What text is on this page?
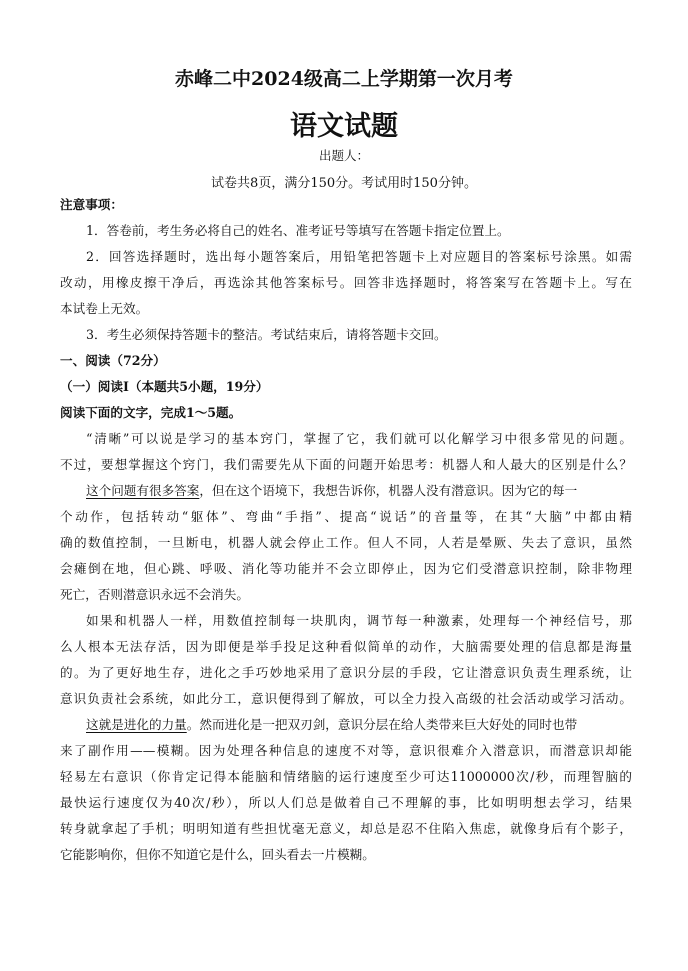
赤峰二中2024级高二上学期第一次月考
语文试题
出题人：
试卷共8页，满分150分。考试用时150分钟。
注意事项：
1．答卷前，考生务必将自己的姓名、准考证号等填写在答题卡指定位置上。
2．回答选择题时，选出每小题答案后，用铅笔把答题卡上对应题目的答案标号涂黑。如需
改动，用橡皮擦干净后，再选涂其他答案标号。回答非选择题时，将答案写在答题卡上。写在
本试卷上无效。
3．考生必须保持答题卡的整洁。考试结束后，请将答题卡交回。
一、阅读（72分）
（一）阅读Ⅰ（本题共5小题，19分）
阅读下面的文字，完成1～5题。
“清晰”可以说是学习的基本窍门，掌握了它，我们就可以化解学习中很多常见的问题。
不过，要想掌握这个窍门，我们需要先从下面的问题开始思考：机器人和人最大的区别是什么？
这个问题有很多答案，但在这个语境下，我想告诉你，机器人没有潜意识。因为它的每一
个动作，包括转动“躯体”、弯曲“手指”、提高“说话”的音量等，在其“大脑”中都由精
确的数值控制，一旦断电，机器人就会停止工作。但人不同，人若是晕厥、失去了意识，虽然
会瘫倒在地，但心跳、呼吸、消化等功能并不会立即停止，因为它们受潜意识控制，除非物理
死亡，否则潜意识永远不会消失。
如果和机器人一样，用数值控制每一块肌肉，调节每一种激素，处理每一个神经信号，那
么人根本无法存活，因为即便是举手投足这种看似简单的动作，大脑需要处理的信息都是海量
的。为了更好地生存，进化之手巧妙地采用了意识分层的手段，它让潜意识负责生理系统，让
意识负责社会系统，如此分工，意识便得到了解放，可以全力投入高级的社会活动或学习活动。
这就是进化的力量。然而进化是一把双刃剑，意识分层在给人类带来巨大好处的同时也带
来了副作用——模糊。因为处理各种信息的速度不对等，意识很难介入潜意识，而潜意识却能
轻易左右意识（你肯定记得本能脑和情绪脑的运行速度至少可达11000000次/秒，而理智脑的
最快运行速度仅为40次/秒），所以人们总是做着自己不理解的事，比如明明想去学习，结果
转身就拿起了手机；明明知道有些担忧毫无意义，却总是忍不住陷入焦虑，就像身后有个影子，
它能影响你，但你不知道它是什么，回头看去一片模糊。
